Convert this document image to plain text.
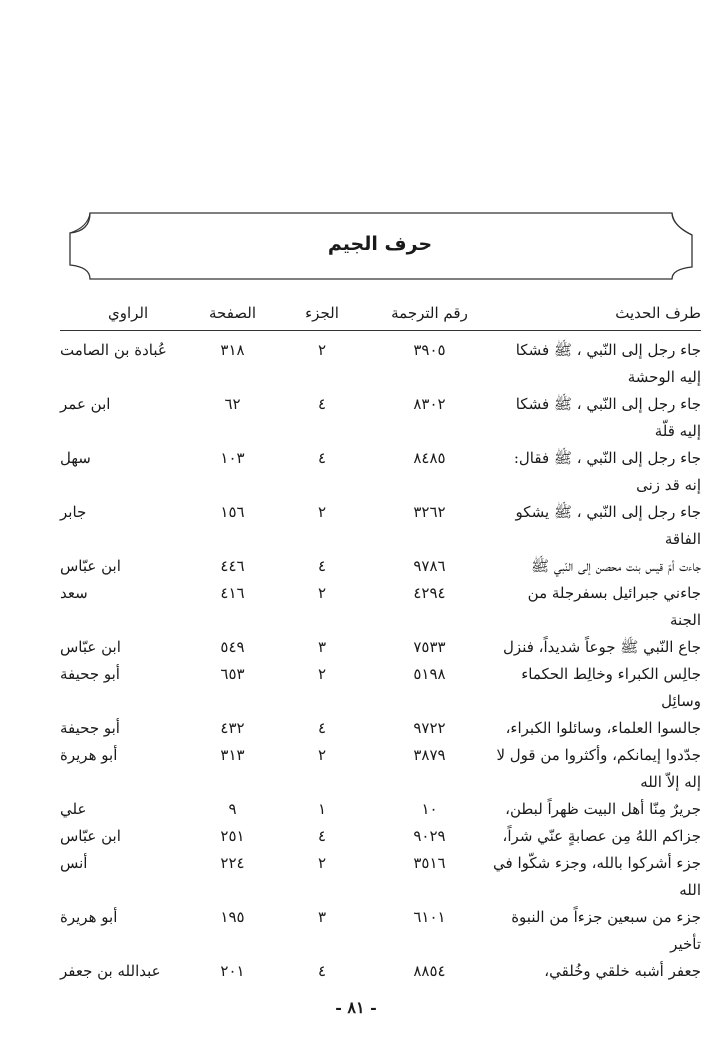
حرف الجيم
طرف الحديث
رقم الترجمة
الجزء
الصفحة
الراوي
جاء رجل إلى النّبي ، ﷺ فشكا إليه الوحشة
٣٩٠٥
٢
٣١٨
عُبادة بن الصامت
جاء رجل إلى النّبي ، ﷺ فشكا إليه قلّة
٨٣٠٢
٤
٦٢
ابن عمر
جاء رجل إلى النّبي ، ﷺ فقال: إنه قد زنى
٨٤٨٥
٤
١٠٣
سهل
جاء رجل إلى النّبي ، ﷺ يشكو الفاقة
٣٢٦٢
٢
١٥٦
جابر
جاءت أمّ قيس بنت محصن إلى النّبي ﷺ
٩٧٨٦
٤
٤٤٦
ابن عبّاس
جاءني جبرائيل بسفرجلة من الجنة
٤٢٩٤
٢
٤١٦
سعد
جاع النّبي ﷺ جوعاً شديداً، فنزل
٧٥٣٣
٣
٥٤٩
ابن عبّاس
جالِس الكبراء وخالِط الحكماء وسائِل
٥١٩٨
٢
٦٥٣
أبو جحيفة
جالسوا العلماء، وسائلوا الكبراء،
٩٧٢٢
٤
٤٣٢
أبو جحيفة
جدّدوا إيمانكم، وأكثروا من قول لا إله إلاّ الله
٣٨٧٩
٢
٣١٣
أبو هريرة
جريرٌ مِنّا أهل البيت ظهراً لبطن،
١٠
١
٩
علي
جزاكم اللهُ مِن عصابةٍ عنّي شراً،
٩٠٢٩
٤
٢٥١
ابن عبّاس
جزء أشركوا بالله، وجزء شكّوا في الله
٣٥١٦
٢
٢٢٤
أنس
جزء من سبعين جزءاً من النبوة تأخير
٦١٠١
٣
١٩٥
أبو هريرة
جعفر أشبه خلقي وخُلقي،
٨٨٥٤
٤
٢٠١
عبدالله بن جعفر
- ٨١ -
